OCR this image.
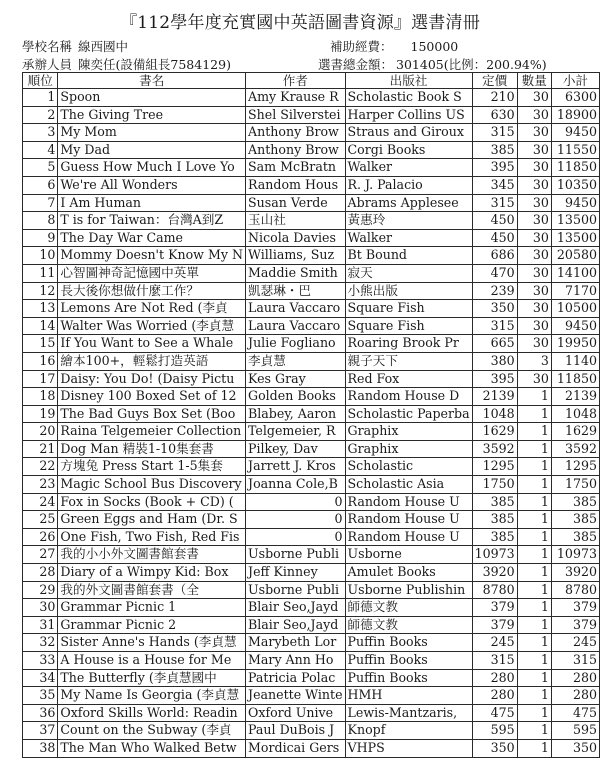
『112學年度充實國中英語圖書資源』選書清冊
學校名稱 線西國中
承辦人員 陳奕任(設備組長7584129)
補助經費： 150000
選書總金額： 301405(比例：200.94%)
順位	書名	作者	出版社	定價	數量	小計
1	Spoon	Amy Krause R	Scholastic Book S	210	30	6300
2	The Giving Tree	Shel Silverstei	Harper Collins US	630	30	18900
3	My Mom	Anthony Brow	Straus and Giroux	315	30	9450
4	My Dad	Anthony Brow	Corgi Books	385	30	11550
5	Guess How Much I Love Yo	Sam McBratn	Walker	395	30	11850
6	We're All Wonders	Random Hous	R. J. Palacio	345	30	10350
7	I Am Human	Susan Verde	Abrams Applesee	315	30	9450
8	T is for Taiwan：台灣A到Z	玉山社	黃惠玲	450	30	13500
9	The Day War Came	Nicola Davies	Walker	450	30	13500
10	Mommy Doesn't Know My N	Williams, Suz	Bt Bound	686	30	20580
11	心智圖神奇記憶國中英單	Maddie Smith	寂天	470	30	14100
12	長大後你想做什麼工作？	凱瑟琳・巴	小熊出版	239	30	7170
13	Lemons Are Not Red (李貞	Laura Vaccaro	Square Fish	350	30	10500
14	Walter Was Worried (李貞慧	Laura Vaccaro	Square Fish	315	30	9450
15	If You Want to See a Whale	Julie Fogliano	Roaring Brook Pr	665	30	19950
16	繪本100+，輕鬆打造英語	李貞慧	親子天下	380	3	1140
17	Daisy: You Do! (Daisy Pictu	Kes Gray	Red Fox	395	30	11850
18	Disney 100 Boxed Set of 12	Golden Books	Random House D	2139	1	2139
19	The Bad Guys Box Set (Boo	Blabey, Aaron	Scholastic Paperba	1048	1	1048
20	Raina Telgemeier Collection	Telgemeier, R	Graphix	1629	1	1629
21	Dog Man 精裝1-10集套書	Pilkey, Dav	Graphix	3592	1	3592
22	方塊兔 Press Start 1-5集套	Jarrett J. Kros	Scholastic	1295	1	1295
23	Magic School Bus Discovery	Joanna Cole,B	Scholastic Asia	1750	1	1750
24	Fox in Socks (Book + CD) (	0	Random House U	385	1	385
25	Green Eggs and Ham (Dr. S	0	Random House U	385	1	385
26	One Fish, Two Fish, Red Fis	0	Random House U	385	1	385
27	我的小小外文圖書館套書	Usborne Publi	Usborne	10973	1	10973
28	Diary of a Wimpy Kid: Box	Jeff Kinney	Amulet Books	3920	1	3920
29	我的外文圖書館套書（全	Usborne Publi	Usborne Publishin	8780	1	8780
30	Grammar Picnic 1	Blair Seo,Jayd	師德文教	379	1	379
31	Grammar Picnic 2	Blair Seo,Jayd	師德文教	379	1	379
32	Sister Anne's Hands (李貞慧	Marybeth Lor	Puffin Books	245	1	245
33	A House is a House for Me	Mary Ann Ho	Puffin Books	315	1	315
34	The Butterfly (李貞慧國中	Patricia Polac	Puffin Books	280	1	280
35	My Name Is Georgia (李貞慧	Jeanette Winte	HMH	280	1	280
36	Oxford Skills World: Readin	Oxford Unive	Lewis-Mantzaris,	475	1	475
37	Count on the Subway (李貞	Paul DuBois J	Knopf	595	1	595
38	The Man Who Walked Betw	Mordicai Gers	VHPS	350	1	350
